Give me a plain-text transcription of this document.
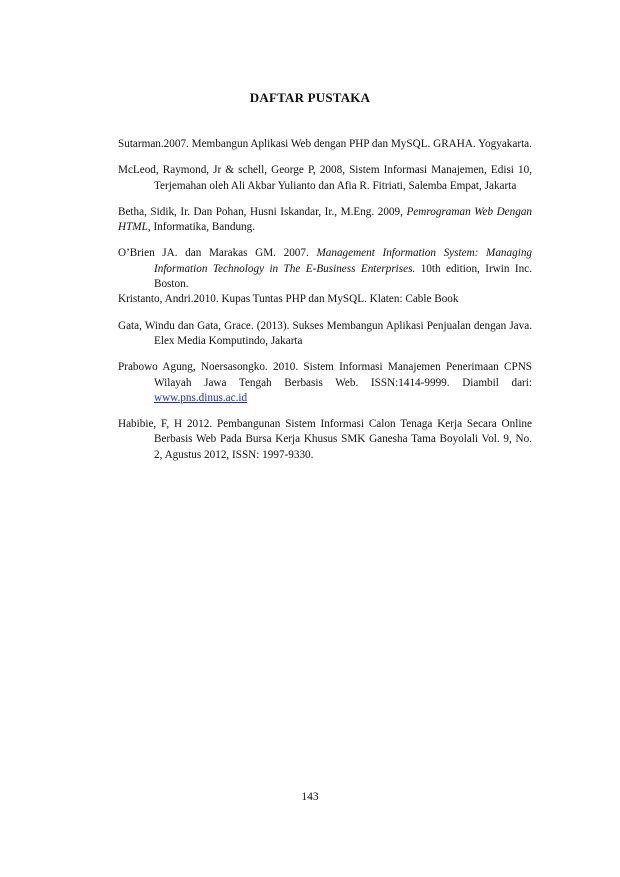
DAFTAR PUSTAKA

Sutarman.2007. Membangun Aplikasi Web dengan PHP dan MySQL. GRAHA. Yogyakarta.

McLeod, Raymond, Jr & schell, George P, 2008, Sistem Informasi Manajemen, Edisi 10, Terjemahan oleh Ali Akbar Yulianto dan Afia R. Fitriati, Salemba Empat, Jakarta

Betha, Sidik, Ir. Dan Pohan, Husni Iskandar, Ir., M.Eng. 2009, Pemrograman Web Dengan HTML, Informatika, Bandung.

O’Brien JA. dan Marakas GM. 2007. Management Information System: Managing Information Technology in The E-Business Enterprises. 10th edition, Irwin Inc. Boston.

Kristanto, Andri.2010. Kupas Tuntas PHP dan MySQL. Klaten: Cable Book

Gata, Windu dan Gata, Grace. (2013). Sukses Membangun Aplikasi Penjualan dengan Java. Elex Media Komputindo, Jakarta

Prabowo Agung, Noersasongko. 2010. Sistem Informasi Manajemen Penerimaan CPNS Wilayah Jawa Tengah Berbasis Web. ISSN:1414-9999. Diambil dari: www.pns.dinus.ac.id

Habibie, F, H 2012. Pembangunan Sistem Informasi Calon Tenaga Kerja Secara Online Berbasis Web Pada Bursa Kerja Khusus SMK Ganesha Tama Boyolali Vol. 9, No. 2, Agustus 2012, ISSN: 1997-9330.

143
